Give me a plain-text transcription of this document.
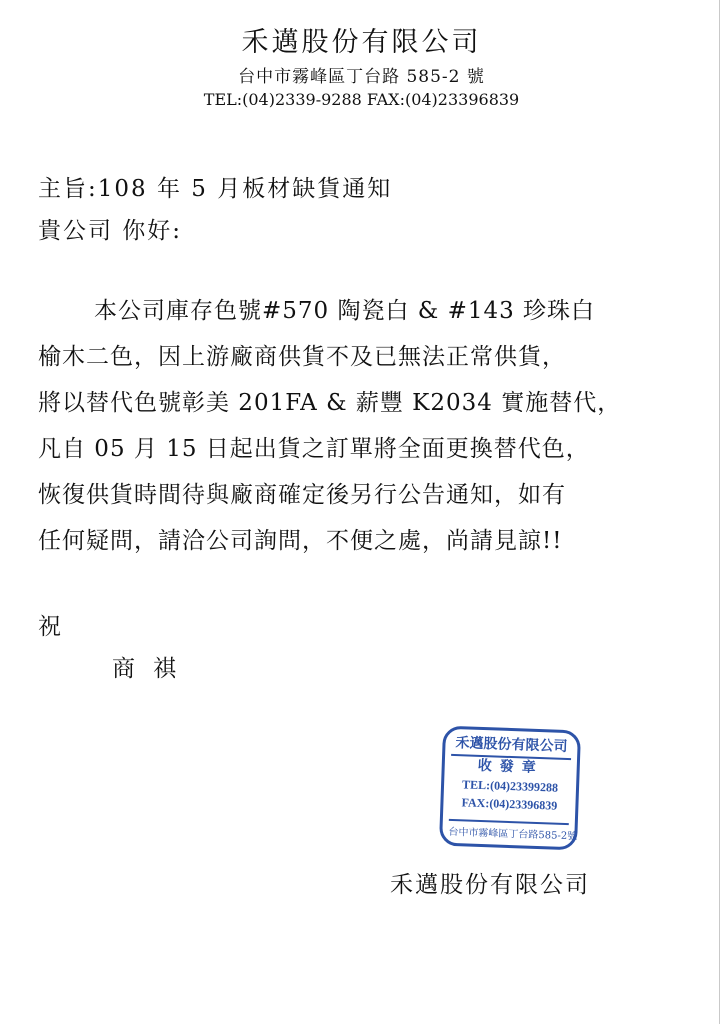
禾邁股份有限公司
台中市霧峰區丁台路 585-2 號
TEL:(04)2339-9288 FAX:(04)23396839
主旨:108 年 5 月板材缺貨通知
貴公司 你好:
本公司庫存色號#570 陶瓷白 & #143 珍珠白
榆木二色，因上游廠商供貨不及已無法正常供貨，
將以替代色號彰美 201FA & 薪豐 K2034 實施替代，
凡自 05 月 15 日起出貨之訂單將全面更換替代色，
恢復供貨時間待與廠商確定後另行公告通知，如有
任何疑問，請洽公司詢問，不便之處，尚請見諒!!
祝
商祺
禾邁股份有限公司
收發章
TEL:(04)23399288
FAX:(04)23396839
台中市霧峰區丁台路585-2號
禾邁股份有限公司
